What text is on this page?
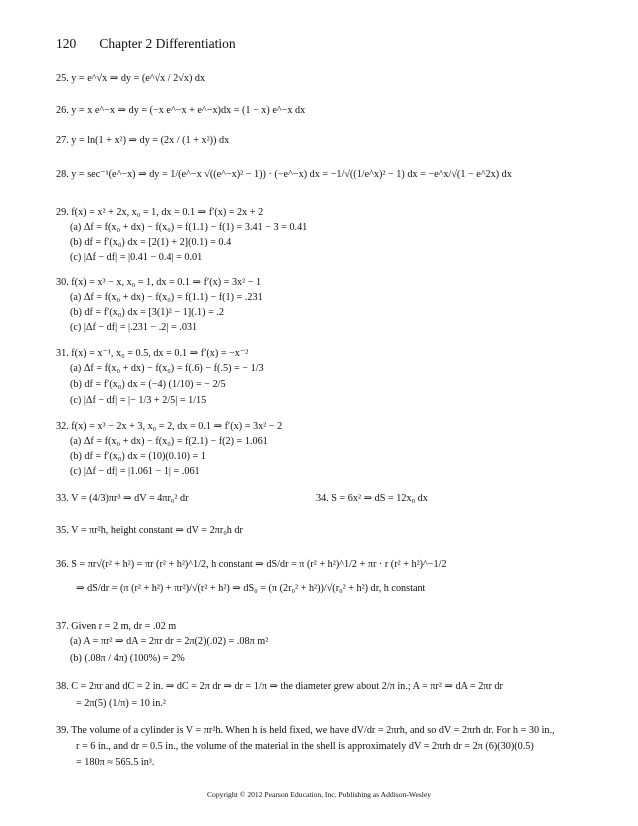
120 Chapter 2 Differentiation
25. y = e^√x ⇒ dy = (e^√x / 2√x) dx
26. y = x e^−x ⇒ dy = (−x e^−x + e^−x)dx = (1 − x) e^−x dx
27. y = ln(1 + x²) ⇒ dy = (2x / (1 + x²)) dx
28. y = sec⁻¹(e^−x) ⇒ dy = 1/(e^−x √((e^−x)² − 1)) · (−e^−x) dx = −1/√((1/e^x)² − 1) dx = −e^x/√(1 − e^2x) dx
29. f(x) = x² + 2x, x₀ = 1, dx = 0.1 ⇒ f′(x) = 2x + 2
(a) Δf = f(x₀ + dx) − f(x₀) = f(1.1) − f(1) = 3.41 − 3 = 0.41
(b) df = f′(x₀) dx = [2(1) + 2](0.1) = 0.4
(c) |Δf − df| = |0.41 − 0.4| = 0.01
30. f(x) = x³ − x, x₀ = 1, dx = 0.1 ⇒ f′(x) = 3x² − 1
(a) Δf = f(x₀ + dx) − f(x₀) = f(1.1) − f(1) = .231
(b) df = f′(x₀) dx = [3(1)² − 1](.1) = .2
(c) |Δf − df| = |.231 − .2| = .031
31. f(x) = x⁻¹, x₀ = 0.5, dx = 0.1 ⇒ f′(x) = −x⁻²
(a) Δf = f(x₀ + dx) − f(x₀) = f(.6) − f(.5) = − 1/3
(b) df = f′(x₀) dx = (−4) (1/10) = − 2/5
(c) |Δf − df| = |− 1/3 + 2/5| = 1/15
32. f(x) = x³ − 2x + 3, x₀ = 2, dx = 0.1 ⇒ f′(x) = 3x² − 2
(a) Δf = f(x₀ + dx) − f(x₀) = f(2.1) − f(2) = 1.061
(b) df = f′(x₀) dx = (10)(0.10) = 1
(c) |Δf − df| = |1.061 − 1| = .061
33. V = (4/3)πr³ ⇒ dV = 4πr₀² dr	34. S = 6x² ⇒ dS = 12x₀ dx
35. V = πr²h, height constant ⇒ dV = 2πr₀h dr
36. S = πr√(r² + h²) = πr (r² + h²)^1/2, h constant ⇒ dS/dr = π (r² + h²)^1/2 + πr · r (r² + h²)^−1/2
⇒ dS/dr = (π (r² + h²) + πr²)/√(r² + h²) ⇒ dS₀ = (π (2r₀² + h²))/√(r₀² + h²) dr, h constant
37. Given r = 2 m, dr = .02 m
(a) A = πr² ⇒ dA = 2πr dr = 2π(2)(.02) = .08π m²
(b) (.08π / 4π) (100%) = 2%
38. C = 2πr and dC = 2 in. ⇒ dC = 2π dr ⇒ dr = 1/π ⇒ the diameter grew about 2/π in.; A = πr² ⇒ dA = 2πr dr
= 2π(5) (1/π) = 10 in.²
39. The volume of a cylinder is V = πr²h. When h is held fixed, we have dV/dr = 2πrh, and so dV = 2πrh dr. For h = 30 in.,
r = 6 in., and dr = 0.5 in., the volume of the material in the shell is approximately dV = 2πrh dr = 2π (6)(30)(0.5)
= 180π ≈ 565.5 in³.
Copyright © 2012 Pearson Education, Inc. Publishing as Addison-Wesley
